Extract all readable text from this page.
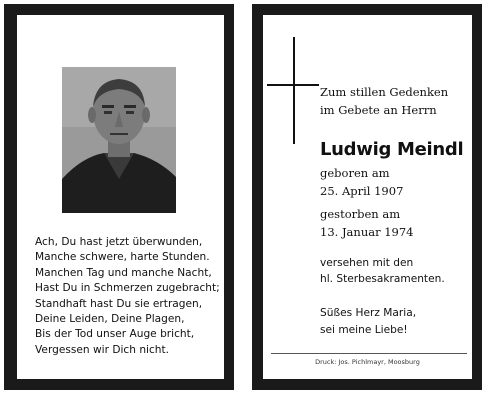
Ach, Du hast jetzt überwunden,
Manche schwere, harte Stunden.
Manchen Tag und manche Nacht,
Hast Du in Schmerzen zugebracht;
Standhaft hast Du sie ertragen,
Deine Leiden, Deine Plagen,
Bis der Tod unser Auge bricht,
Vergessen wir Dich nicht.
Zum stillen Gedenken
im Gebete an Herrn
Ludwig Meindl
geboren am
25. April 1907
gestorben am
13. Januar 1974
versehen mit den
hl. Sterbesakramenten.
Süßes Herz Maria,
sei meine Liebe!
Druck: Jos. Pichlmayr, Moosburg
